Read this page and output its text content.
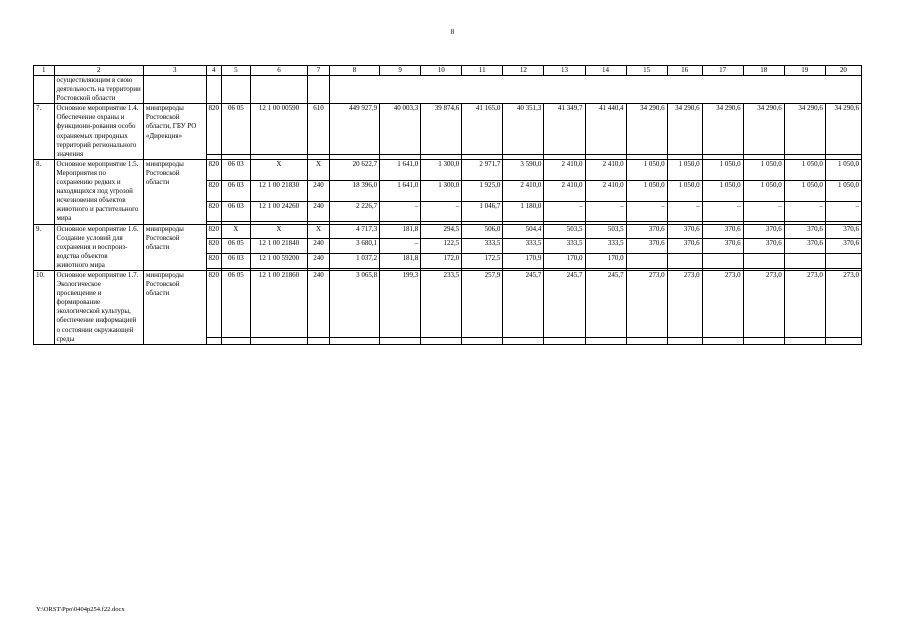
8
1	2	3	4	5	6	7	8	9	10	11	12	13	14	15	16	17	18	19	20
	осуществляющим в свою деятельность на территории Ростовской области																		
7.	Основное мероприятие 1.4. Обеспечение охраны и функциони-рования особо охраняемых природных территорий регионального значения	минприроды Ростовской области, ГБУ РО «Дирекция»	820	06 05	12 1 00 00590	610	449 927,9	40 003,3	39 874,6	41 165,0	40 351,3	41 349,7	41 440,4	34 290,6	34 290,6	34 290,6	34 290,6	34 290,6	34 290,6

8.	Основное мероприятие 1.5. Мероприятия по сохранению редких и находящихся под угрозой исчезновения объектов животного и растительного мира	минприроды Ростовской области	820	06 03	Х	Х	20 622,7	1 641,0	1 300,0	2 971,7	3 590,0	2 410,0	2 410,0	1 050,0	1 050,0	1 050,0	1 050,0	1 050,0	1 050,0
			820	06 03	12 1 00 21830	240	18 396,0	1 641,0	1 300,0	1 925,0	2 410,0	2 410,0	2 410,0	1 050,0	1 050,0	1 050,0	1 050,0	1 050,0	1 050,0
			820	06 03	12 1 00 24260	240	2 226,7	–	–	1 046,7	1 180,0	–	–	–	–	–	–	–	–

9.	Основное мероприятие 1.6. Создание условий для сохранения и воспроиз-водства объектов животного мира	минприроды Ростовской области	820	Х	Х	Х	4 717,3	181,8	294,5	506,0	504,4	503,5	503,5	370,6	370,6	370,6	370,6	370,6	370,6
			820	06 05	12 1 00 21840	240	3 680,1	–	122,5	333,5	333,5	333,5	333,5	370,6	370,6	370,6	370,6	370,6	370,6
			820	06 03	12 1 00 59200	240	1 037,2	181,8	172,0	172,5	170,9	170,0	170,0						

10.	Основное мероприятие 1.7. Экологическое просвещение и формирование экологической культуры, обеспечение информацией о состоянии окружающей среды	минприроды Ростовской области	820	06 05	12 1 00 21860	240	3 065,8	199,3	233,5	257,9	245,7	245,7	245,7	273,0	273,0	273,0	273,0	273,0	273,0

Y:\ORST\Ppo\0404p254.f22.docx
